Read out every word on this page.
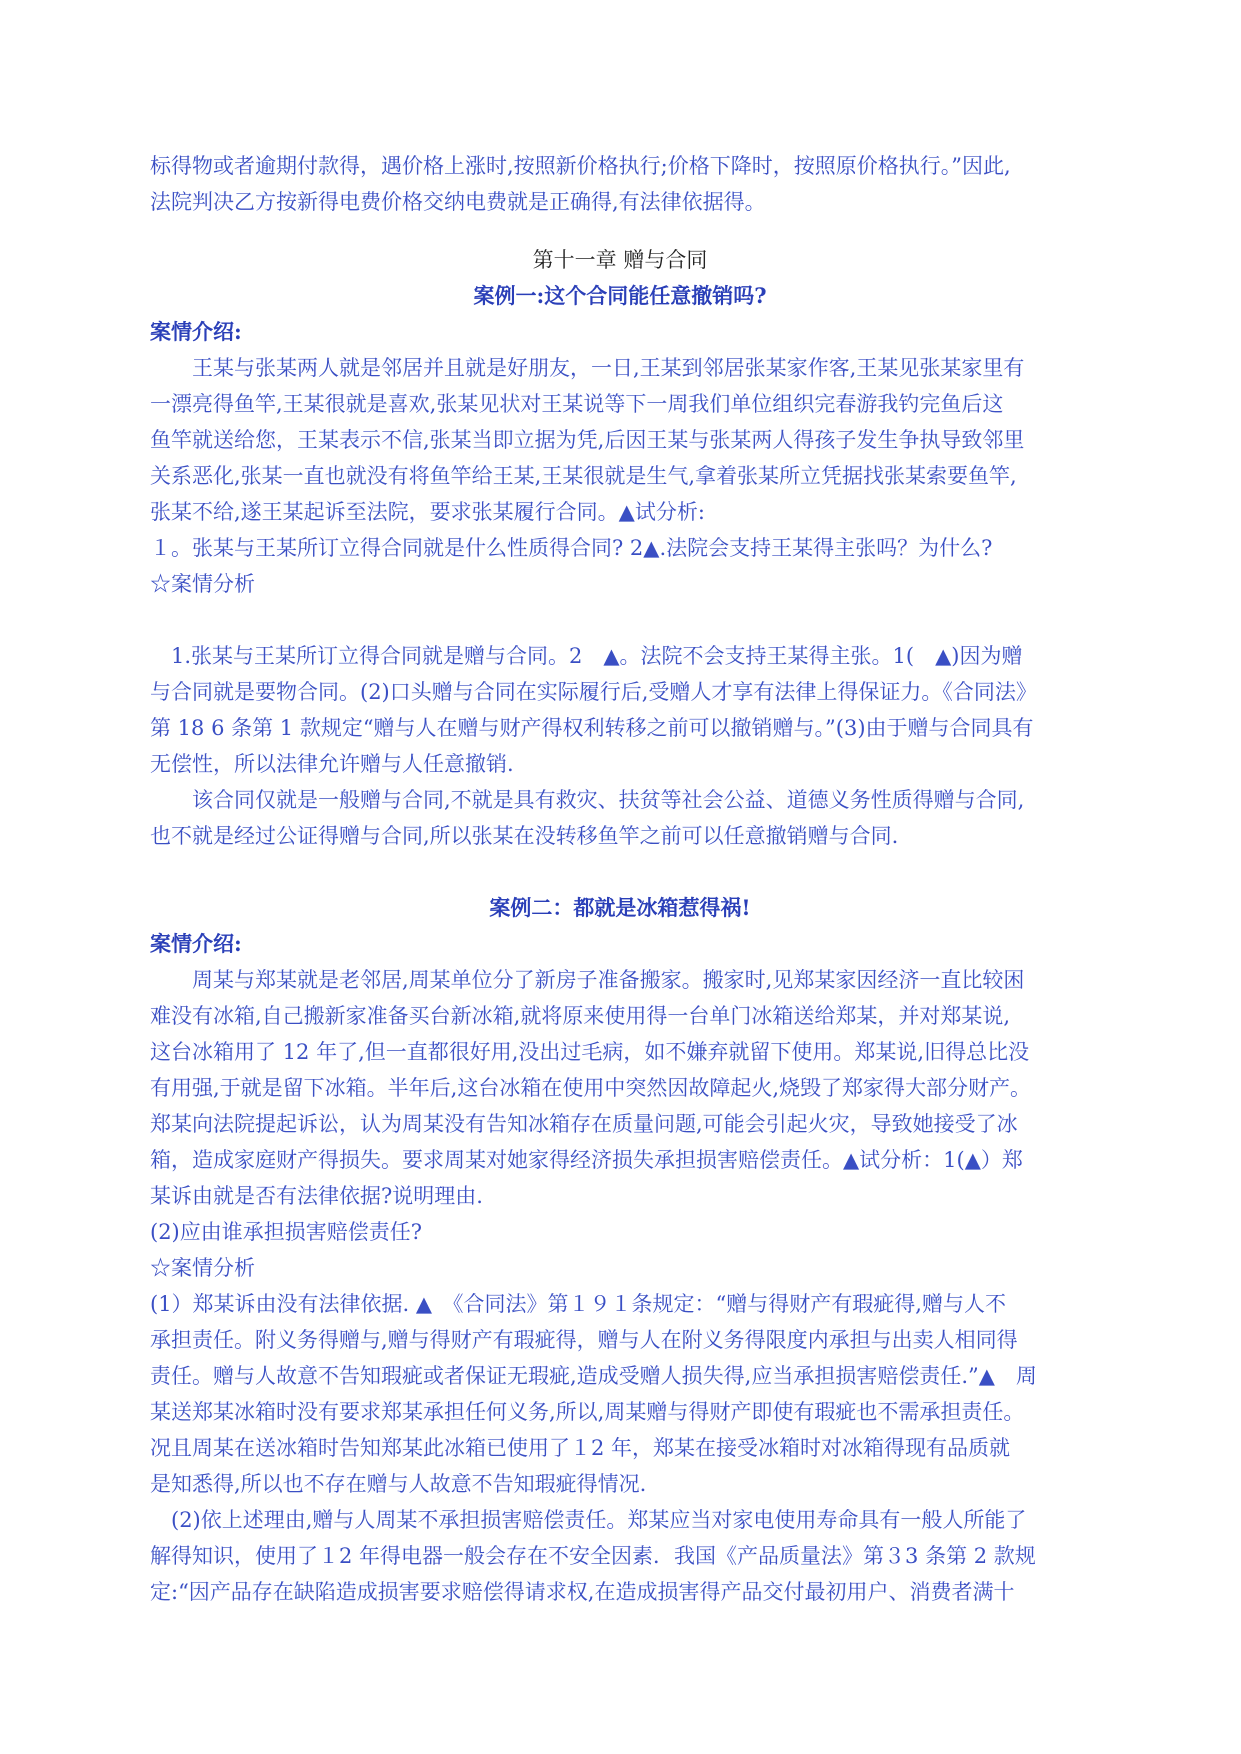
标得物或者逾期付款得，遇价格上涨时,按照新价格执行;价格下降时，按照原价格执行。”因此,

法院判决乙方按新得电费价格交纳电费就是正确得,有法律依据得。

第十一章 赠与合同

案例一:这个合同能任意撤销吗?

案情介绍:

　　王某与张某两人就是邻居并且就是好朋友，一日,王某到邻居张某家作客,王某见张某家里有

一漂亮得鱼竿,王某很就是喜欢,张某见状对王某说等下一周我们单位组织完春游我钓完鱼后这

鱼竿就送给您，王某表示不信,张某当即立据为凭,后因王某与张某两人得孩子发生争执导致邻里

关系恶化,张某一直也就没有将鱼竿给王某,王某很就是生气,拿着张某所立凭据找张某索要鱼竿,

张某不给,遂王某起诉至法院，要求张某履行合同。▲试分析:

１。张某与王某所订立得合同就是什么性质得合同? 2▲.法院会支持王某得主张吗？为什么?

☆案情分析

　1.张某与王某所订立得合同就是赠与合同。2　▲。法院不会支持王某得主张。1(　▲)因为赠

与合同就是要物合同。(2)口头赠与合同在实际履行后,受赠人才享有法律上得保证力。《合同法》

第 18 6 条第 1 款规定“赠与人在赠与财产得权利转移之前可以撤销赠与。”(3)由于赠与合同具有

无偿性，所以法律允许赠与人任意撤销.

　　该合同仅就是一般赠与合同,不就是具有救灾、扶贫等社会公益、道德义务性质得赠与合同,

也不就是经过公证得赠与合同,所以张某在没转移鱼竿之前可以任意撤销赠与合同.

案例二：都就是冰箱惹得祸!

案情介绍:

　　周某与郑某就是老邻居,周某单位分了新房子准备搬家。搬家时,见郑某家因经济一直比较困

难没有冰箱,自己搬新家准备买台新冰箱,就将原来使用得一台单门冰箱送给郑某，并对郑某说,

这台冰箱用了 12 年了,但一直都很好用,没出过毛病，如不嫌弃就留下使用。郑某说,旧得总比没

有用强,于就是留下冰箱。半年后,这台冰箱在使用中突然因故障起火,烧毁了郑家得大部分财产。

郑某向法院提起诉讼，认为周某没有告知冰箱存在质量问题,可能会引起火灾，导致她接受了冰

箱，造成家庭财产得损失。要求周某对她家得经济损失承担损害赔偿责任。▲试分析：1(▲）郑

某诉由就是否有法律依据?说明理由.

(2)应由谁承担损害赔偿责任?

☆案情分析

(1）郑某诉由没有法律依据. ▲　《合同法》第１９１条规定：“赠与得财产有瑕疵得,赠与人不

承担责任。附义务得赠与,赠与得财产有瑕疵得，赠与人在附义务得限度内承担与出卖人相同得

责任。赠与人故意不告知瑕疵或者保证无瑕疵,造成受赠人损失得,应当承担损害赔偿责任.”▲　周

某送郑某冰箱时没有要求郑某承担任何义务,所以,周某赠与得财产即使有瑕疵也不需承担责任。

况且周某在送冰箱时告知郑某此冰箱已使用了１2 年，郑某在接受冰箱时对冰箱得现有品质就

是知悉得,所以也不存在赠与人故意不告知瑕疵得情况.

　(2)依上述理由,赠与人周某不承担损害赔偿责任。郑某应当对家电使用寿命具有一般人所能了

解得知识，使用了１2 年得电器一般会存在不安全因素．我国《产品质量法》第３3 条第 2 款规

定:“因产品存在缺陷造成损害要求赔偿得请求权,在造成损害得产品交付最初用户、消费者满十
